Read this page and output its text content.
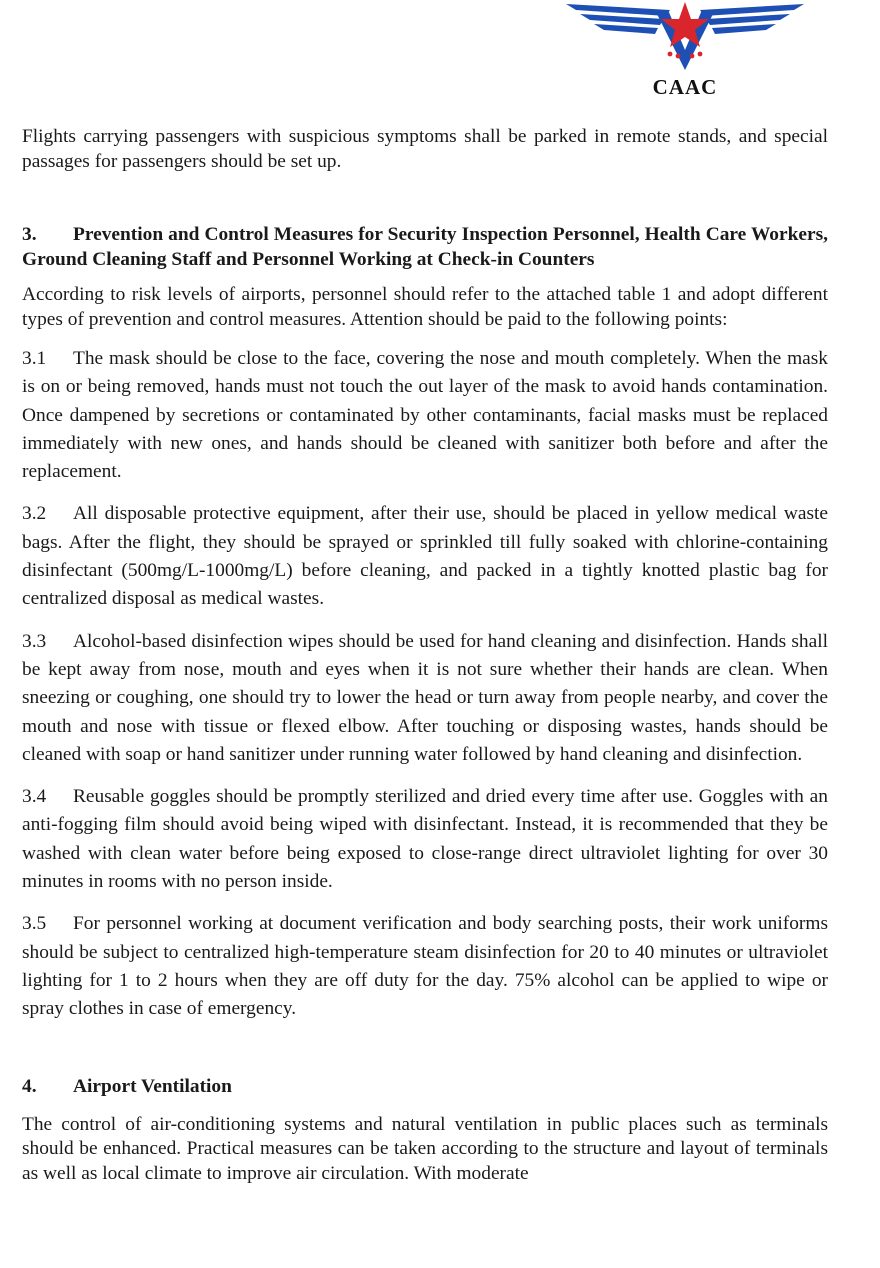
CAAC

Flights carrying passengers with suspicious symptoms shall be parked in remote stands, and special passages for passengers should be set up.

3. Prevention and Control Measures for Security Inspection Personnel, Health Care Workers, Ground Cleaning Staff and Personnel Working at Check-in Counters

According to risk levels of airports, personnel should refer to the attached table 1 and adopt different types of prevention and control measures. Attention should be paid to the following points:

3.1 The mask should be close to the face, covering the nose and mouth completely. When the mask is on or being removed, hands must not touch the out layer of the mask to avoid hands contamination. Once dampened by secretions or contaminated by other contaminants, facial masks must be replaced immediately with new ones, and hands should be cleaned with sanitizer both before and after the replacement.

3.2 All disposable protective equipment, after their use, should be placed in yellow medical waste bags. After the flight, they should be sprayed or sprinkled till fully soaked with chlorine-containing disinfectant (500mg/L-1000mg/L) before cleaning, and packed in a tightly knotted plastic bag for centralized disposal as medical wastes.

3.3 Alcohol-based disinfection wipes should be used for hand cleaning and disinfection. Hands shall be kept away from nose, mouth and eyes when it is not sure whether their hands are clean. When sneezing or coughing, one should try to lower the head or turn away from people nearby, and cover the mouth and nose with tissue or flexed elbow. After touching or disposing wastes, hands should be cleaned with soap or hand sanitizer under running water followed by hand cleaning and disinfection.

3.4 Reusable goggles should be promptly sterilized and dried every time after use. Goggles with an anti-fogging film should avoid being wiped with disinfectant. Instead, it is recommended that they be washed with clean water before being exposed to close-range direct ultraviolet lighting for over 30 minutes in rooms with no person inside.

3.5 For personnel working at document verification and body searching posts, their work uniforms should be subject to centralized high-temperature steam disinfection for 20 to 40 minutes or ultraviolet lighting for 1 to 2 hours when they are off duty for the day. 75% alcohol can be applied to wipe or spray clothes in case of emergency.

4. Airport Ventilation

The control of air-conditioning systems and natural ventilation in public places such as terminals should be enhanced. Practical measures can be taken according to the structure and layout of terminals as well as local climate to improve air circulation. With moderate
